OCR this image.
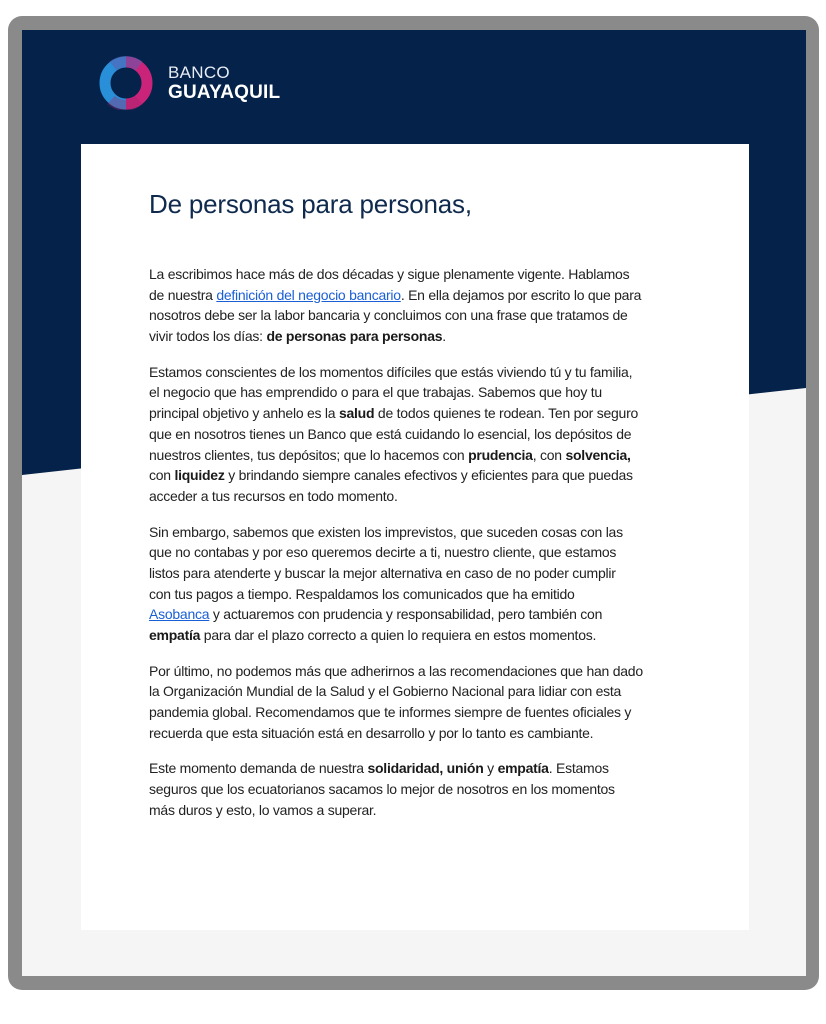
BANCO
GUAYAQUIL
De personas para personas,

La escribimos hace más de dos décadas y sigue plenamente vigente. Hablamos
de nuestra definición del negocio bancario. En ella dejamos por escrito lo que para
nosotros debe ser la labor bancaria y concluimos con una frase que tratamos de
vivir todos los días: de personas para personas.

Estamos conscientes de los momentos difíciles que estás viviendo tú y tu familia,
el negocio que has emprendido o para el que trabajas. Sabemos que hoy tu
principal objetivo y anhelo es la salud de todos quienes te rodean. Ten por seguro
que en nosotros tienes un Banco que está cuidando lo esencial, los depósitos de
nuestros clientes, tus depósitos; que lo hacemos con prudencia, con solvencia,
con liquidez y brindando siempre canales efectivos y eficientes para que puedas
acceder a tus recursos en todo momento.

Sin embargo, sabemos que existen los imprevistos, que suceden cosas con las
que no contabas y por eso queremos decirte a ti, nuestro cliente, que estamos
listos para atenderte y buscar la mejor alternativa en caso de no poder cumplir
con tus pagos a tiempo. Respaldamos los comunicados que ha emitido
Asobanca y actuaremos con prudencia y responsabilidad, pero también con
empatía para dar el plazo correcto a quien lo requiera en estos momentos.

Por último, no podemos más que adherirnos a las recomendaciones que han dado
la Organización Mundial de la Salud y el Gobierno Nacional para lidiar con esta
pandemia global. Recomendamos que te informes siempre de fuentes oficiales y
recuerda que esta situación está en desarrollo y por lo tanto es cambiante.

Este momento demanda de nuestra solidaridad, unión y empatía. Estamos
seguros que los ecuatorianos sacamos lo mejor de nosotros en los momentos
más duros y esto, lo vamos a superar.
